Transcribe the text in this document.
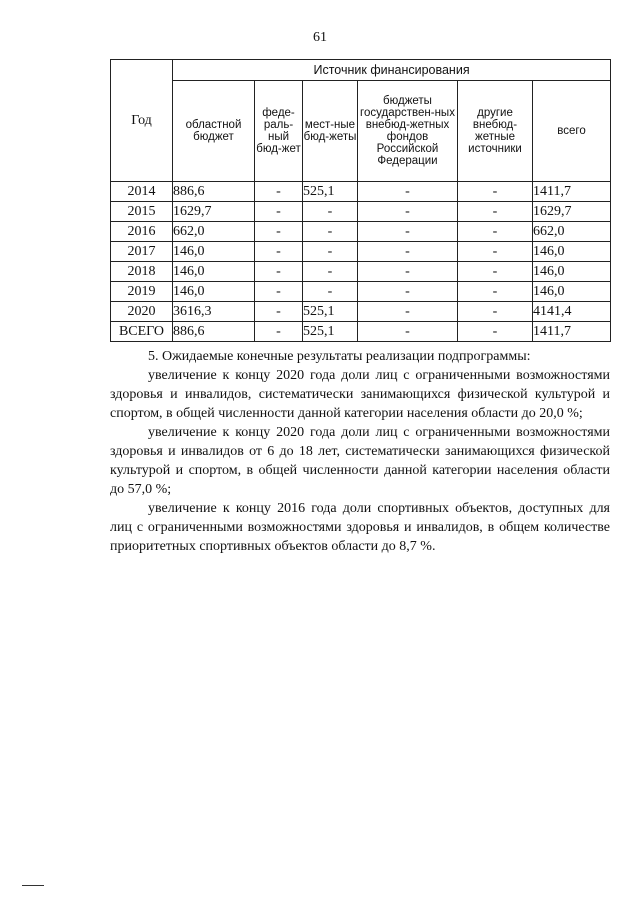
61
Год	Источник финансирования					
	областной бюджет	феде-раль-ный бюд-жет	мест-ные бюд-жеты	бюджеты государствен-ных внебюд-жетных фондов Российской Федерации	другие внебюд-жетные источники	всего
2014	886,6	-	525,1	-	-	1411,7
2015	1629,7	-	-	-	-	1629,7
2016	662,0	-	-	-	-	662,0
2017	146,0	-	-	-	-	146,0
2018	146,0	-	-	-	-	146,0
2019	146,0	-	-	-	-	146,0
2020	3616,3	-	525,1	-	-	4141,4
ВСЕГО	886,6	-	525,1	-	-	1411,7

5. Ожидаемые конечные результаты реализации подпрограммы:

увеличение к концу 2020 года доли лиц с ограниченными возможностями здоровья и инвалидов, систематически занимающихся физической культурой и спортом, в общей численности данной категории населения области до 20,0 %;

увеличение к концу 2020 года доли лиц с ограниченными возможностями здоровья и инвалидов от 6 до 18 лет, систематически занимающихся физической культурой и спортом, в общей численности данной категории населения области до 57,0 %;

увеличение к концу 2016 года доли спортивных объектов, доступных для лиц с ограниченными возможностями здоровья и инвалидов, в общем количестве приоритетных спортивных объектов области до 8,7 %.
